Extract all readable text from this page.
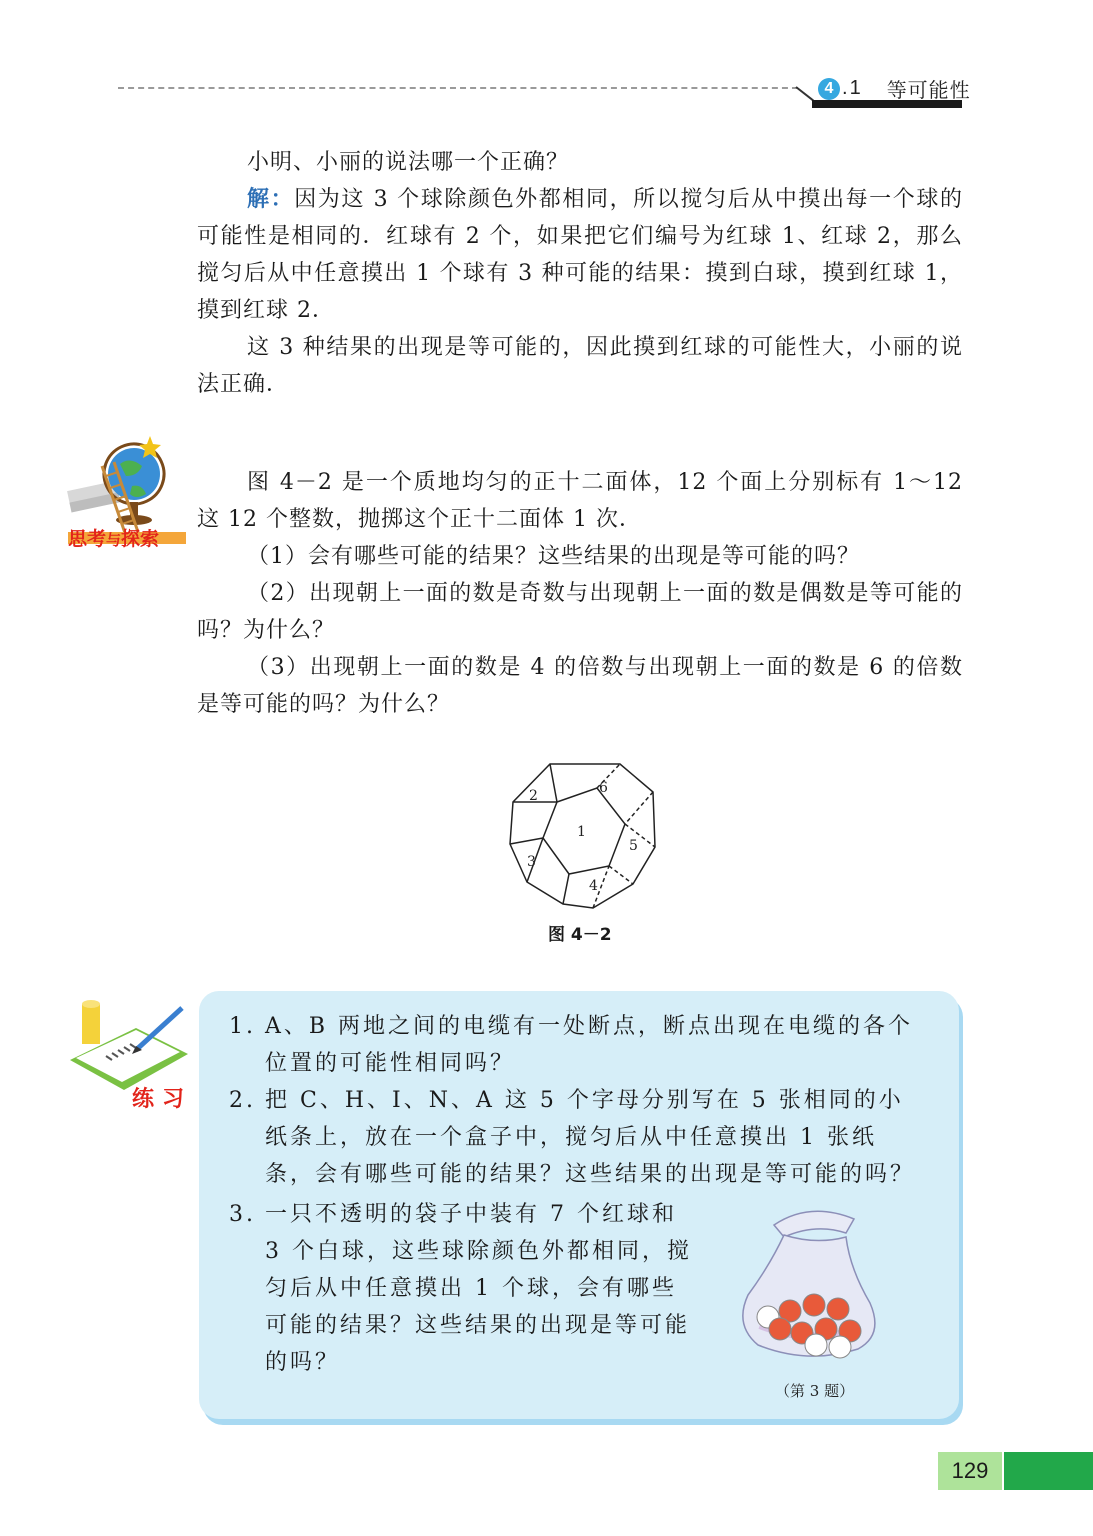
4 . 1 等可能性

小明、小丽的说法哪一个正确？

解：因为这 3 个球除颜色外都相同，所以搅匀后从中摸出每一个球的可能性是相同的．红球有 2 个，如果把它们编号为红球 1、红球 2，那么搅匀后从中任意摸出 1 个球有 3 种可能的结果：摸到白球，摸到红球 1，摸到红球 2．

这 3 种结果的出现是等可能的，因此摸到红球的可能性大，小丽的说法正确．

思考与探索

图 4－2 是一个质地均匀的正十二面体，12 个面上分别标有 1～12 这 12 个整数，抛掷这个正十二面体 1 次．

（1）会有哪些可能的结果？这些结果的出现是等可能的吗？

（2）出现朝上一面的数是奇数与出现朝上一面的数是偶数是等可能的吗？为什么？

（3）出现朝上一面的数是 4 的倍数与出现朝上一面的数是 6 的倍数是等可能的吗？为什么？

1
2
3
4
5
6
图 4－2
练习
1. A、B 两地之间的电缆有一处断点，断点出现在电缆的各个位置的可能性相同吗？
2. 把 C、H、I、N、A 这 5 个字母分别写在 5 张相同的小纸条上，放在一个盒子中，搅匀后从中任意摸出 1 张纸条，会有哪些可能的结果？这些结果的出现是等可能的吗？
3. 一只不透明的袋子中装有 7 个红球和 3 个白球，这些球除颜色外都相同，搅匀后从中任意摸出 1 个球，会有哪些可能的结果？这些结果的出现是等可能的吗？
（第 3 题）
129
